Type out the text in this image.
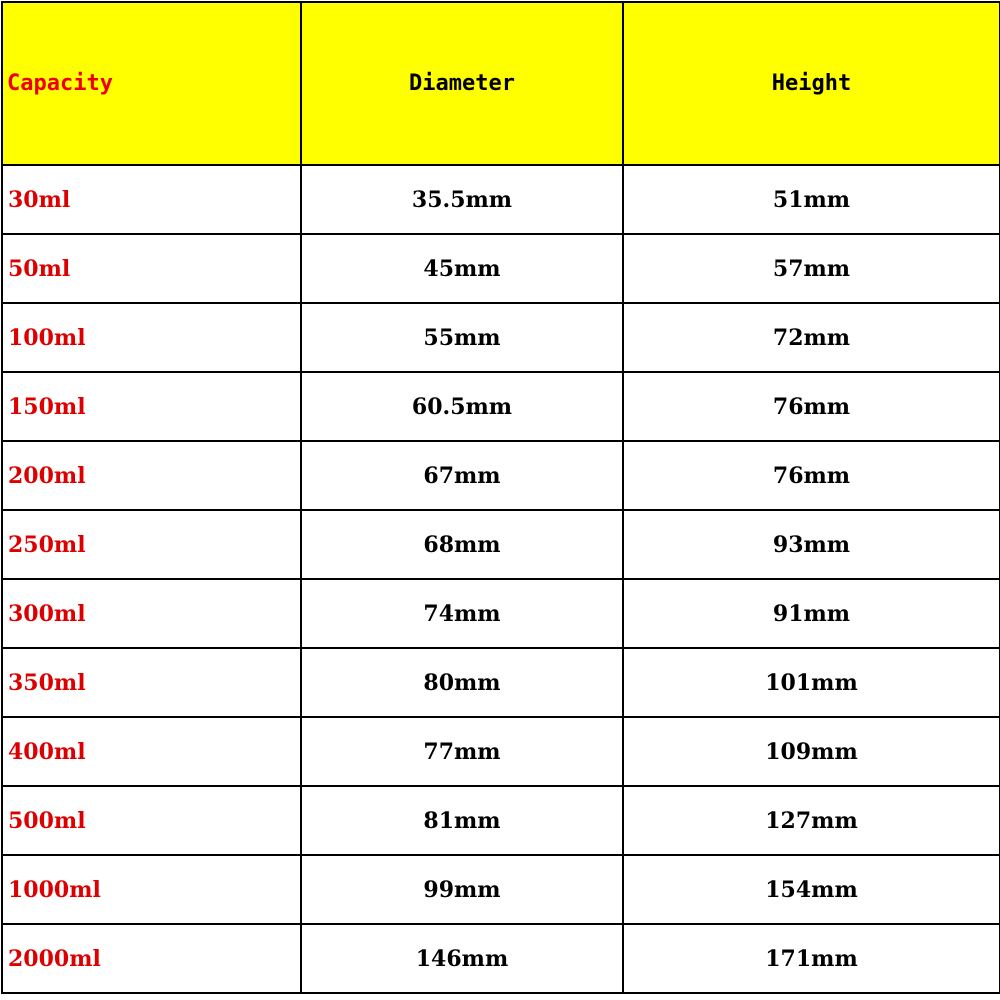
Capacity	Diameter	Height
30ml	35.5mm	51mm
50ml	45mm	57mm
100ml	55mm	72mm
150ml	60.5mm	76mm
200ml	67mm	76mm
250ml	68mm	93mm
300ml	74mm	91mm
350ml	80mm	101mm
400ml	77mm	109mm
500ml	81mm	127mm
1000ml	99mm	154mm
2000ml	146mm	171mm
